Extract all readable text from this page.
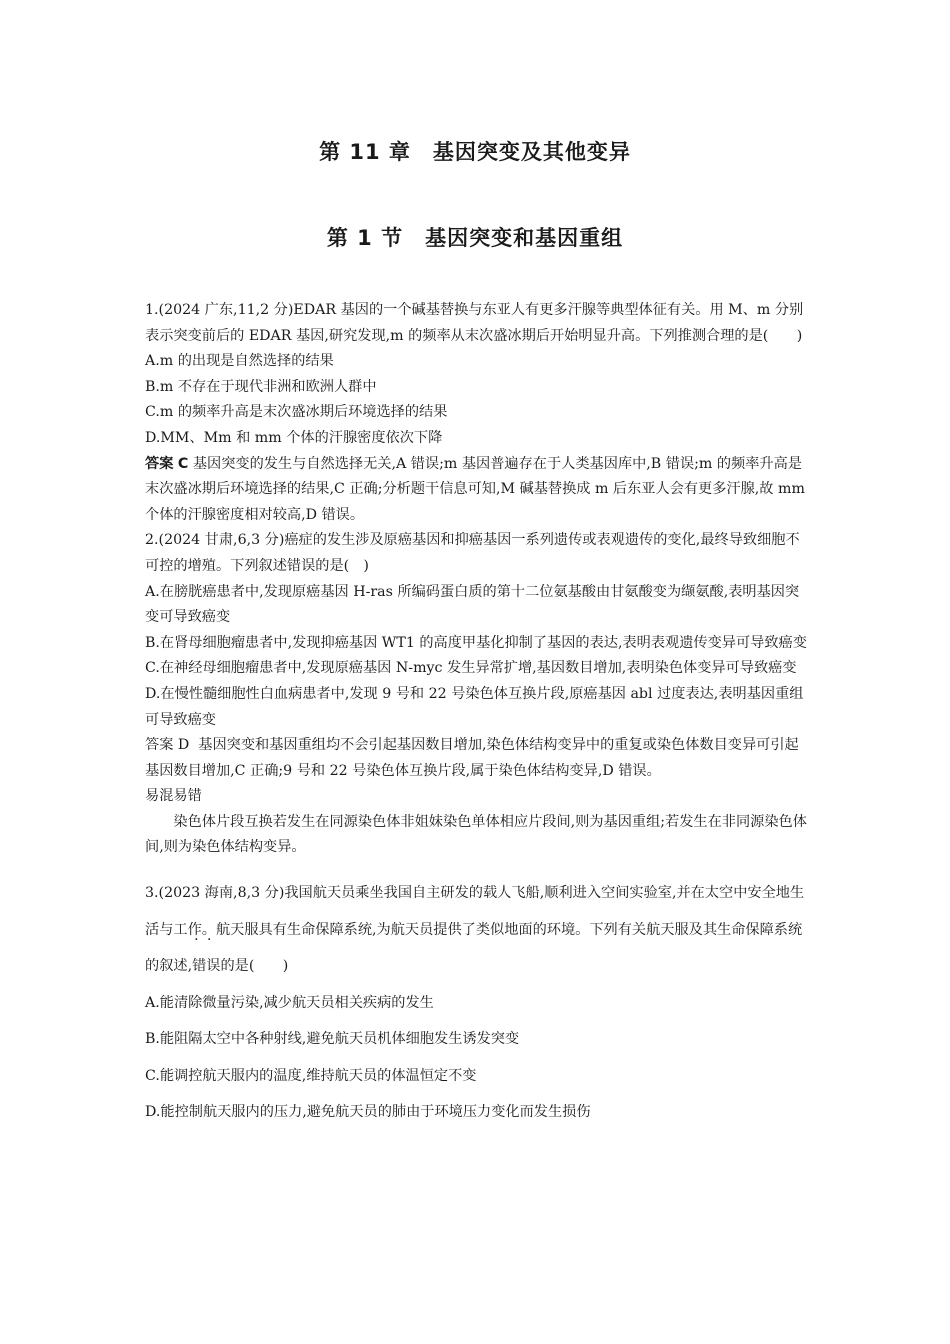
第 11 章　基因突变及其他变异
第 1 节　基因突变和基因重组

1.(2024 广东,11,2 分)EDAR 基因的一个碱基替换与东亚人有更多汗腺等典型体征有关。用 M、m 分别表示突变前后的 EDAR 基因,研究发现,m 的频率从末次盛冰期后开始明显升高。下列推测合理的是(　　)

A.m 的出现是自然选择的结果

B.m 不存在于现代非洲和欧洲人群中

C.m 的频率升高是末次盛冰期后环境选择的结果

D.MM、Mm 和 mm 个体的汗腺密度依次下降

答案 C 基因突变的发生与自然选择无关,A 错误;m 基因普遍存在于人类基因库中,B 错误;m 的频率升高是末次盛冰期后环境选择的结果,C 正确;分析题干信息可知,M 碱基替换成 m 后东亚人会有更多汗腺,故 mm 个体的汗腺密度相对较高,D 错误。

2.(2024 甘肃,6,3 分)癌症的发生涉及原癌基因和抑癌基因一系列遗传或表观遗传的变化,最终导致细胞不可控的增殖。下列叙述错误的是(　)

A.在膀胱癌患者中,发现原癌基因 H-ras 所编码蛋白质的第十二位氨基酸由甘氨酸变为缬氨酸,表明基因突变可导致癌变

B.在肾母细胞瘤患者中,发现抑癌基因 WT1 的高度甲基化抑制了基因的表达,表明表观遗传变异可导致癌变

C.在神经母细胞瘤患者中,发现原癌基因 N-myc 发生异常扩增,基因数目增加,表明染色体变异可导致癌变

D.在慢性髓细胞性白血病患者中,发现 9 号和 22 号染色体互换片段,原癌基因 abl 过度表达,表明基因重组可导致癌变

答案 D  基因突变和基因重组均不会引起基因数目增加,染色体结构变异中的重复或染色体数目变异可引起基因数目增加,C 正确;9 号和 22 号染色体互换片段,属于染色体结构变异,D 错误。

易混易错

染色体片段互换若发生在同源染色体非姐妹染色单体相应片段间,则为基因重组;若发生在非同源染色体间,则为染色体结构变异。

3.(2023 海南,8,3 分)我国航天员乘坐我国自主研发的载人飞船,顺利进入空间实验室,并在太空中安全地生活与工作。航天服具有生命保障系统,为航天员提供了类似地面的环境。下列有关航天服及其生命保障系统的叙述,错误 · ·的是(　　)

A.能清除微量污染,减少航天员相关疾病的发生

B.能阻隔太空中各种射线,避免航天员机体细胞发生诱发突变

C.能调控航天服内的温度,维持航天员的体温恒定不变

D.能控制航天服内的压力,避免航天员的肺由于环境压力变化而发生损伤
